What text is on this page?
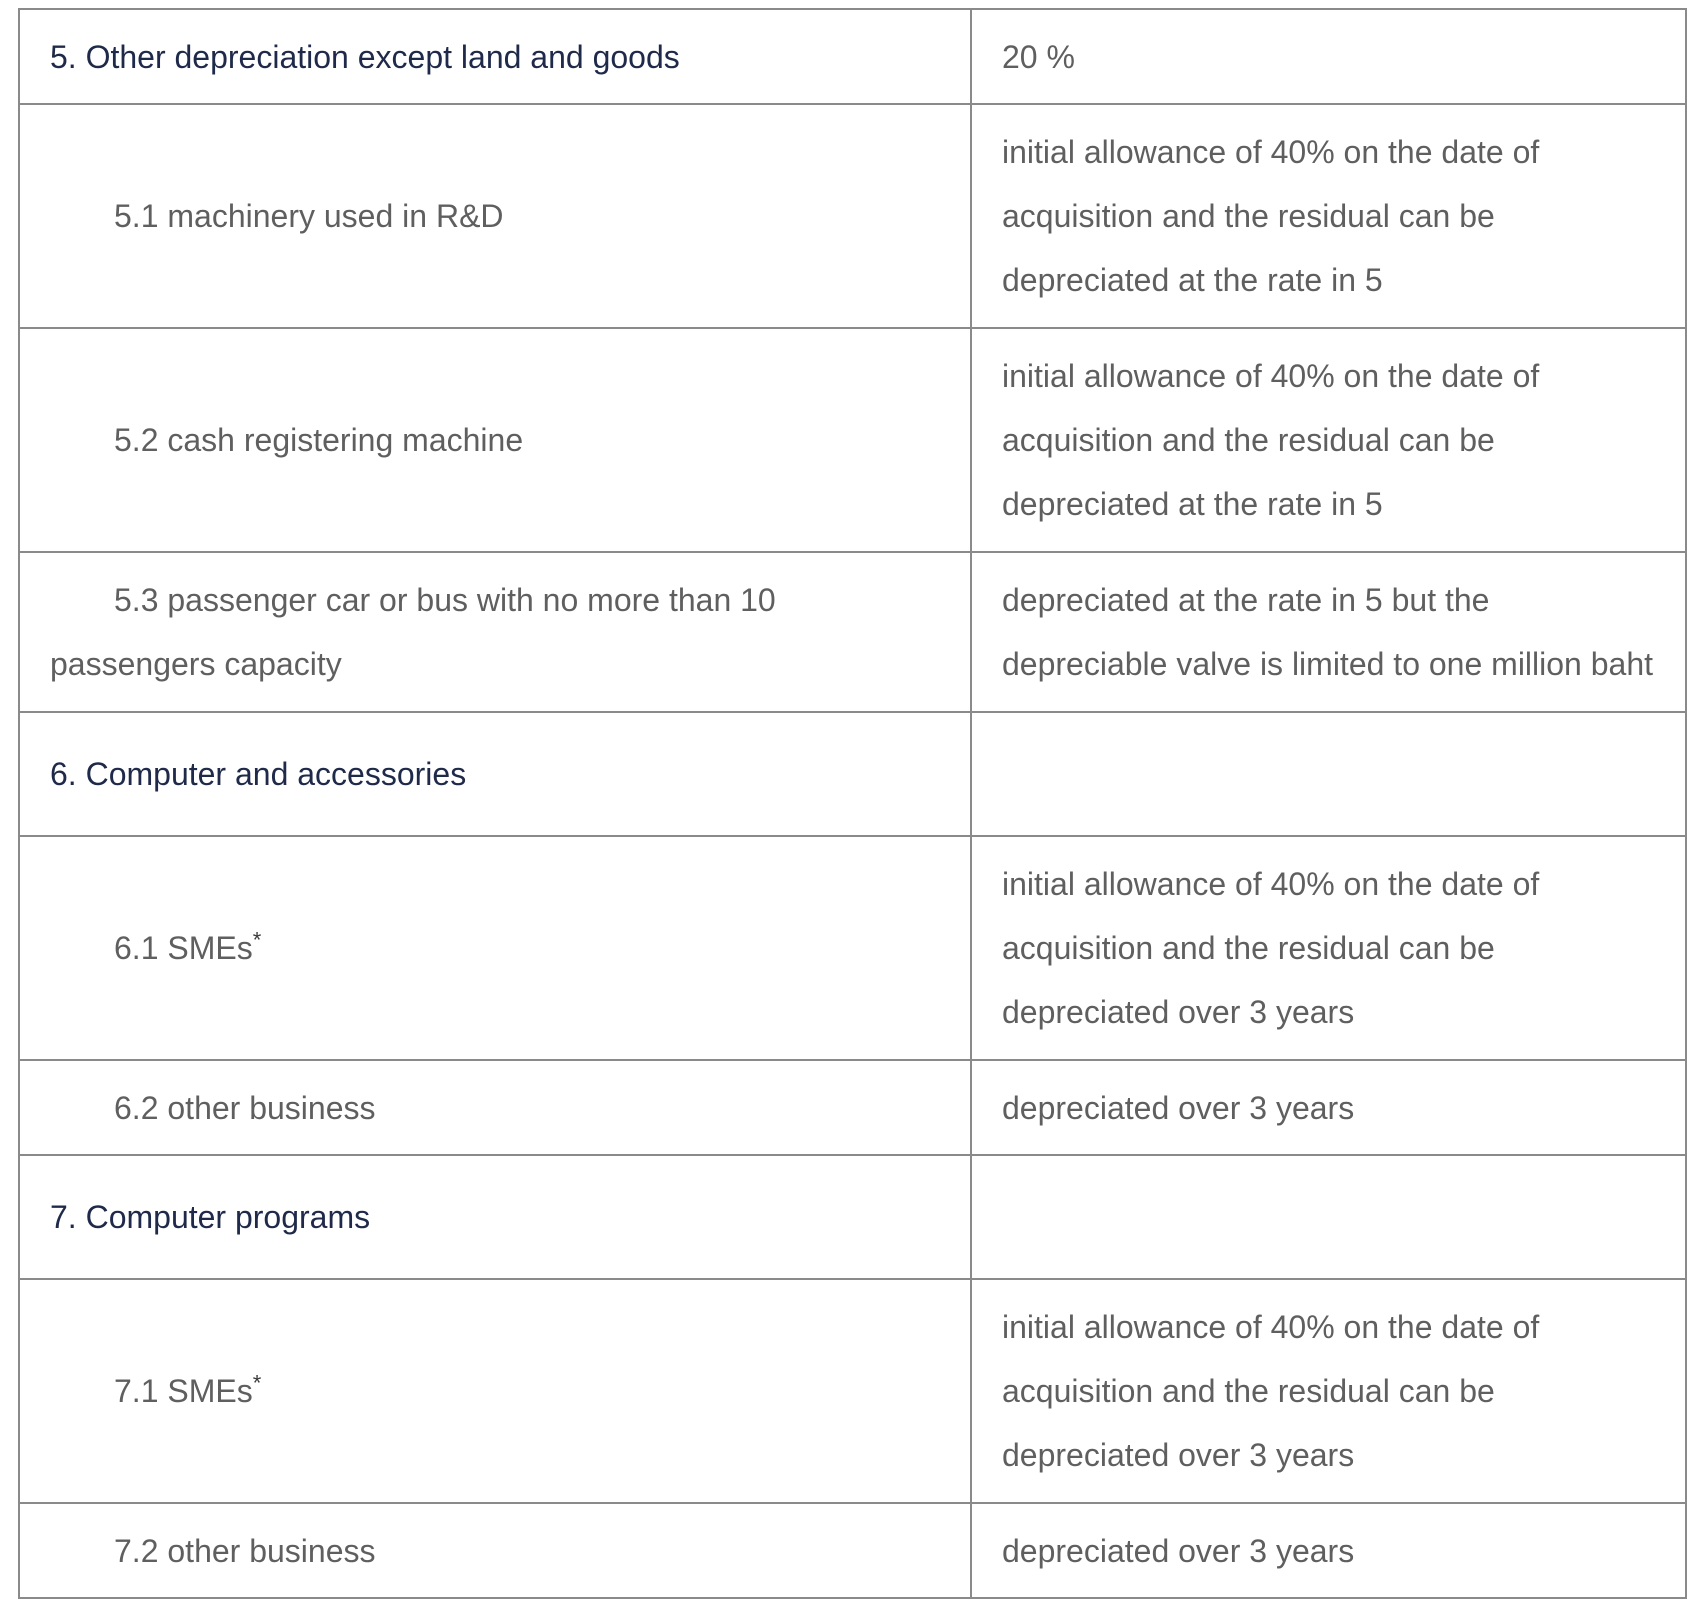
5. Other depreciation except land and goods	20 %
5.1 machinery used in R&D	initial allowance of 40% on the date of acquisition and the residual can be depreciated at the rate in 5
5.2 cash registering machine	initial allowance of 40% on the date of acquisition and the residual can be depreciated at the rate in 5
5.3 passenger car or bus with no more than 10 passengers capacity	depreciated at the rate in 5 but the depreciable valve is limited to one million baht
6. Computer and accessories	
6.1 SMEs*	initial allowance of 40% on the date of acquisition and the residual can be depreciated over 3 years
6.2 other business	depreciated over 3 years
7. Computer programs	
7.1 SMEs*	initial allowance of 40% on the date of acquisition and the residual can be depreciated over 3 years
7.2 other business	depreciated over 3 years
